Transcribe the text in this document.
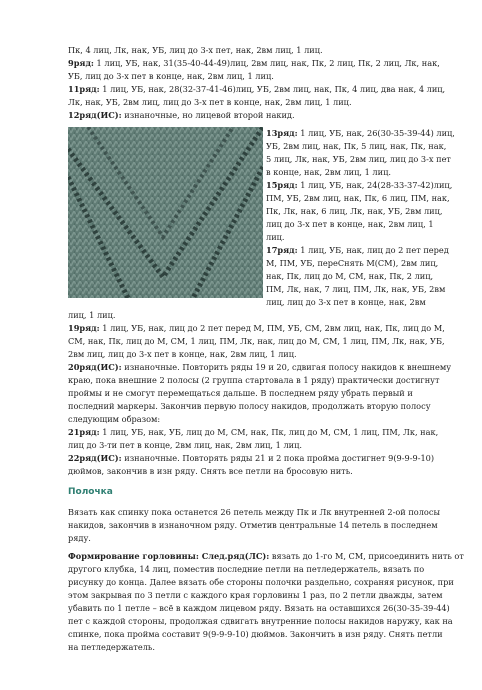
Пк, 4 лиц, Лк, нак, УБ, лиц до 3-х пет, нак, 2вм лиц, 1 лиц.
9ряд: 1 лиц, УБ, нак, 31(35-40-44-49)лиц, 2вм лиц, нак, Пк, 2 лиц, Пк, 2 лиц, Лк, нак,
УБ, лиц до 3-х пет в конце, нак, 2вм лиц, 1 лиц.
11ряд: 1 лиц, УБ, нак, 28(32-37-41-46)лиц, УБ, 2вм лиц, нак, Пк, 4 лиц, два нак, 4 лиц,
Лк, нак, УБ, 2вм лиц, лиц до 3-х пет в конце, нак, 2вм лиц, 1 лиц.
12ряд(ИС): изнаночные, но лицевой второй накид.
13ряд: 1 лиц, УБ, нак, 26(30-35-39-44) лиц,
УБ, 2вм лиц, нак, Пк, 5 лиц, нак, Пк, нак,
5 лиц, Лк, нак, УБ, 2вм лиц, лиц до 3-х пет
в конце, нак, 2вм лиц, 1 лиц.
15ряд: 1 лиц, УБ, нак, 24(28-33-37-42)лиц,
ПМ, УБ, 2вм лиц, нак, Пк, 6 лиц, ПМ, нак,
Пк, Лк, нак, 6 лиц, Лк, нак, УБ, 2вм лиц,
лиц до 3-х пет в конце, нак, 2вм лиц, 1
лиц.
17ряд: 1 лиц, УБ, нак, лиц до 2 пет перед
М, ПМ, УБ, переСнять М(СМ), 2вм лиц,
нак, Пк, лиц до М, СМ, нак, Пк, 2 лиц,
ПМ, Лк, нак, 7 лиц, ПМ, Лк, нак, УБ, 2вм
лиц, лиц до 3-х пет в конце, нак, 2вм
лиц, 1 лиц.
19ряд: 1 лиц, УБ, нак, лиц до 2 пет перед М, ПМ, УБ, СМ, 2вм лиц, нак, Пк, лиц до М,
СМ, нак, Пк, лиц до М, СМ, 1 лиц, ПМ, Лк, нак, лиц до М, СМ, 1 лиц, ПМ, Лк, нак, УБ,
2вм лиц, лиц до 3-х пет в конце, нак, 2вм лиц, 1 лиц.
20ряд(ИС): изнаночные. Повторить ряды 19 и 20, сдвигая полосу накидов к внешнему
краю, пока внешние 2 полосы (2 группа стартовала в 1 ряду) практически достигнут
проймы и не смогут перемещаться дальше. В последнем ряду убрать первый и
последний маркеры. Закончив первую полосу накидов, продолжать вторую полосу
следующим образом:
21ряд: 1 лиц, УБ, нак, УБ, лиц до М, СМ, нак, Пк, лиц до М, СМ, 1 лиц, ПМ, Лк, нак,
лиц до 3-ти пет в конце, 2вм лиц, нак, 2вм лиц, 1 лиц.
22ряд(ИС): изнаночные. Повторять ряды 21 и 2 пока пройма достигнет 9(9-9-9-10)
дюймов, закончив в изн ряду. Снять все петли на бросовую нить.
Полочка
Вязать как спинку пока останется 26 петель между Пк и Лк внутренней 2-ой полосы
накидов, закончив в изнаночном ряду. Отметив центральные 14 петель в последнем
ряду.
Формирование горловины: След.ряд(ЛС): вязать до 1-го М, СМ, присоединить нить от
другого клубка, 14 лиц, поместив последние петли на петледержатель, вязать по
рисунку до конца. Далее вязать обе стороны полочки раздельно, сохраняя рисунок, при
этом закрывая по 3 петли с каждого края горловины 1 раз, по 2 петли дважды, затем
убавить по 1 петле – всё в каждом лицевом ряду. Вязать на оставшихся 26(30-35-39-44)
пет с каждой стороны, продолжая сдвигать внутренние полосы накидов наружу, как на
спинке, пока пройма составит 9(9-9-9-10) дюймов. Закончить в изн ряду. Снять петли
на петледержатель.
